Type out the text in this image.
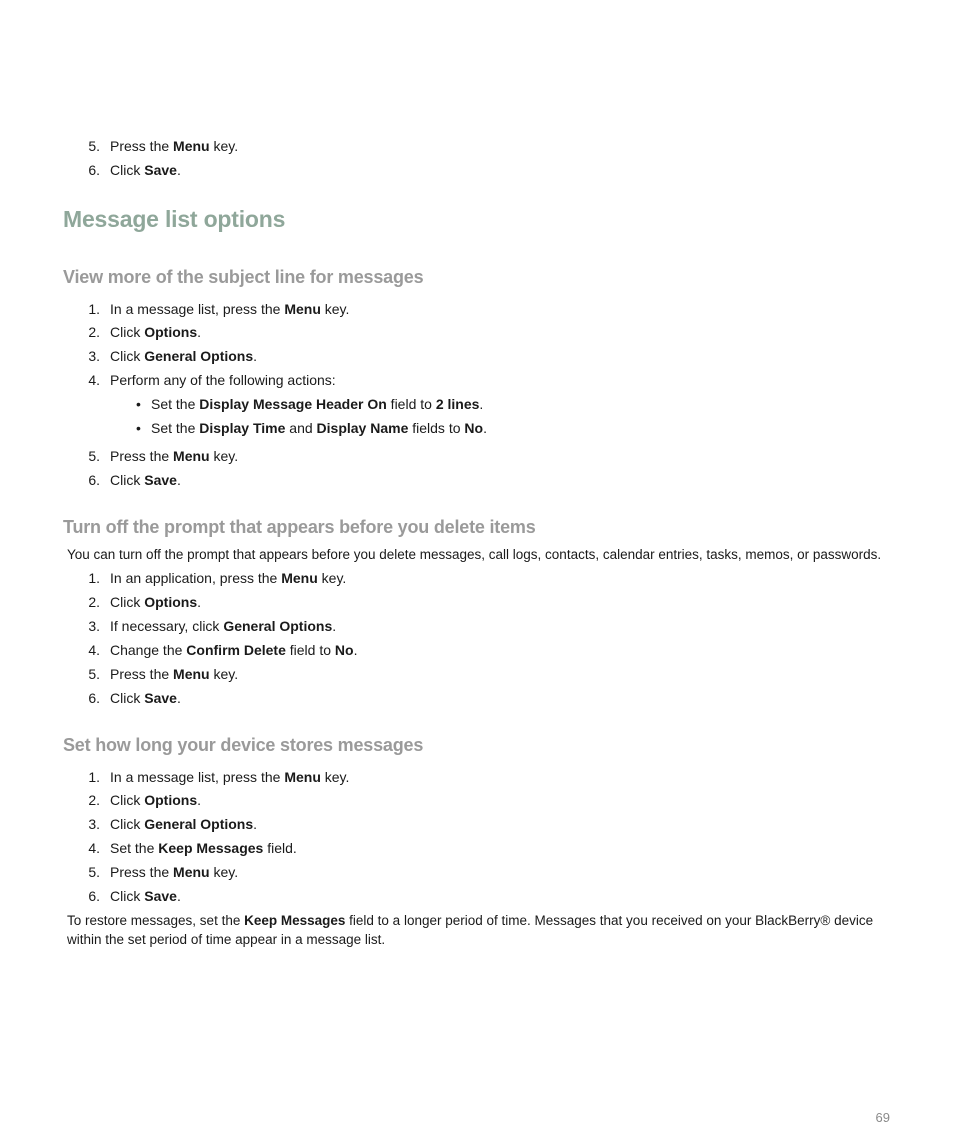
5. Press the Menu key.
6. Click Save.
Message list options
View more of the subject line for messages
1. In a message list, press the Menu key.
2. Click Options.
3. Click General Options.
4. Perform any of the following actions:
• Set the Display Message Header On field to 2 lines.
• Set the Display Time and Display Name fields to No.
5. Press the Menu key.
6. Click Save.
Turn off the prompt that appears before you delete items
You can turn off the prompt that appears before you delete messages, call logs, contacts, calendar entries, tasks, memos, or passwords.
1. In an application, press the Menu key.
2. Click Options.
3. If necessary, click General Options.
4. Change the Confirm Delete field to No.
5. Press the Menu key.
6. Click Save.
Set how long your device stores messages
1. In a message list, press the Menu key.
2. Click Options.
3. Click General Options.
4. Set the Keep Messages field.
5. Press the Menu key.
6. Click Save.
To restore messages, set the Keep Messages field to a longer period of time. Messages that you received on your BlackBerry® device within the set period of time appear in a message list.
69
